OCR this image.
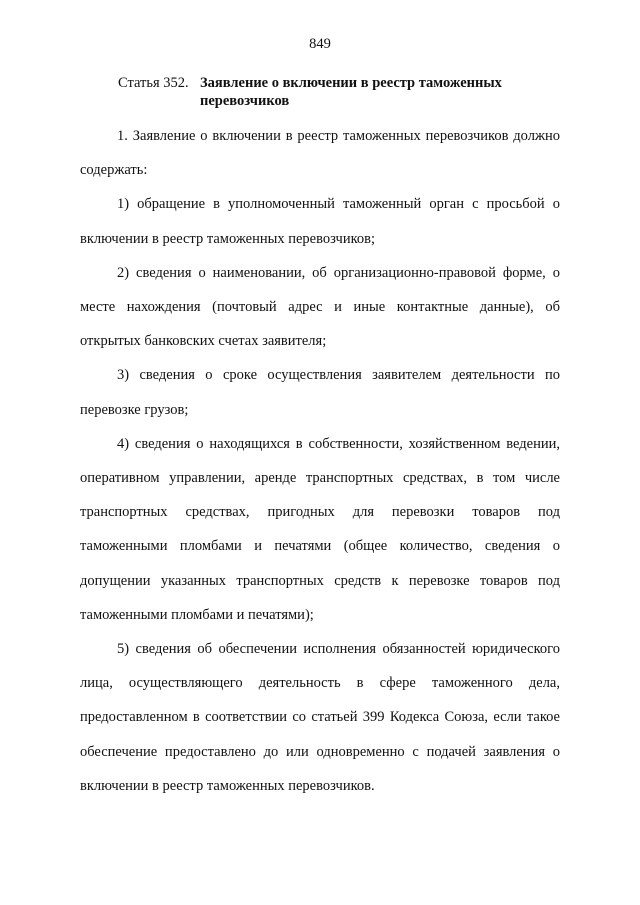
849
Статья 352. Заявление о включении в реестр таможенных перевозчиков

1. Заявление о включении в реестр таможенных перевозчиков должно содержать:

1) обращение в уполномоченный таможенный орган с просьбой о включении в реестр таможенных перевозчиков;

2) сведения о наименовании, об организационно-правовой форме, о месте нахождения (почтовый адрес и иные контактные данные), об открытых банковских счетах заявителя;

3) сведения о сроке осуществления заявителем деятельности по перевозке грузов;

4) сведения о находящихся в собственности, хозяйственном ведении, оперативном управлении, аренде транспортных средствах, в том числе транспортных средствах, пригодных для перевозки товаров под таможенными пломбами и печатями (общее количество, сведения о допущении указанных транспортных средств к перевозке товаров под таможенными пломбами и печатями);

5) сведения об обеспечении исполнения обязанностей юридического лица, осуществляющего деятельность в сфере таможенного дела, предоставленном в соответствии со статьей 399 Кодекса Союза, если такое обеспечение предоставлено до или одновременно с подачей заявления о включении в реестр таможенных перевозчиков.
